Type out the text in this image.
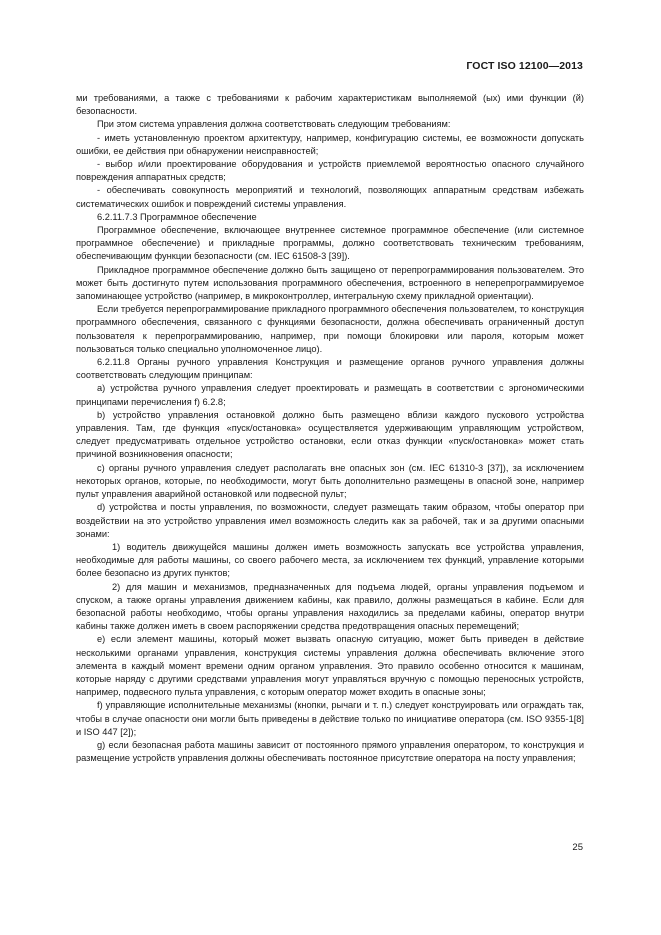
ГОСТ ISO 12100—2013

ми требованиями, а также с требованиями к рабочим характеристикам выполняемой (ых) ими функции (й) безопасности.

При этом система управления должна соответствовать следующим требованиям:

- иметь установленную проектом архитектуру, например, конфигурацию системы, ее возможности допускать ошибки, ее действия при обнаружении неисправностей;

- выбор и/или проектирование оборудования и устройств приемлемой вероятностью опасного случайного повреждения аппаратных средств;

- обеспечивать совокупность мероприятий и технологий, позволяющих аппаратным средствам избежать систематических ошибок и повреждений системы управления.

6.2.11.7.3 Программное обеспечение

Программное обеспечение, включающее внутреннее системное программное обеспечение (или системное программное обеспечение) и прикладные программы, должно соответствовать техническим требованиям, обеспечивающим функции безопасности (см. IEC 61508-3 [39]).

Прикладное программное обеспечение должно быть защищено от перепрограммирования пользователем. Это может быть достигнуто путем использования программного обеспечения, встроенного в неперепрограммируемое запоминающее устройство (например, в микроконтроллер, интегральную схему прикладной ориентации).

Если требуется перепрограммирование прикладного программного обеспечения пользователем, то конструкция программного обеспечения, связанного с функциями безопасности, должна обеспечивать ограниченный доступ пользователя к перепрограммированию, например, при помощи блокировки или пароля, которым может пользоваться только специально уполномоченное лицо).

6.2.11.8 Органы ручного управления Конструкция и размещение органов ручного управления должны соответствовать следующим принципам:

a) устройства ручного управления следует проектировать и размещать в соответствии с эргономическими принципами перечисления f) 6.2.8;

b) устройство управления остановкой должно быть размещено вблизи каждого пускового устройства управления. Там, где функция «пуск/остановка» осуществляется удерживающим управляющим устройством, следует предусматривать отдельное устройство остановки, если отказ функции «пуск/остановка» может стать причиной возникновения опасности;

c) органы ручного управления следует располагать вне опасных зон (см. IEC 61310-3 [37]), за исключением некоторых органов, которые, по необходимости, могут быть дополнительно размещены в опасной зоне, например пульт управления аварийной остановкой или подвесной пульт;

d) устройства и посты управления, по возможности, следует размещать таким образом, чтобы оператор при воздействии на это устройство управления имел возможность следить как за рабочей, так и за другими опасными зонами:

1) водитель движущейся машины должен иметь возможность запускать все устройства управления, необходимые для работы машины, со своего рабочего места, за исключением тех функций, управление которыми более безопасно из других пунктов;

2) для машин и механизмов, предназначенных для подъема людей, органы управления подъемом и спуском, а также органы управления движением кабины, как правило, должны размещаться в кабине. Если для безопасной работы необходимо, чтобы органы управления находились за пределами кабины, оператор внутри кабины также должен иметь в своем распоряжении средства предотвращения опасных перемещений;

e) если элемент машины, который может вызвать опасную ситуацию, может быть приведен в действие несколькими органами управления, конструкция системы управления должна обеспечивать включение этого элемента в каждый момент времени одним органом управления. Это правило особенно относится к машинам, которые наряду с другими средствами управления могут управляться вручную с помощью переносных устройств, например, подвесного пульта управления, с которым оператор может входить в опасные зоны;

f) управляющие исполнительные механизмы (кнопки, рычаги и т. п.) следует конструировать или ограждать так, чтобы в случае опасности они могли быть приведены в действие только по инициативе оператора (см. ISO 9355-1[8] и ISO 447 [2]);

g) если безопасная работа машины зависит от постоянного прямого управления оператором, то конструкция и размещение устройств управления должны обеспечивать постоянное присутствие оператора на посту управления;

25
